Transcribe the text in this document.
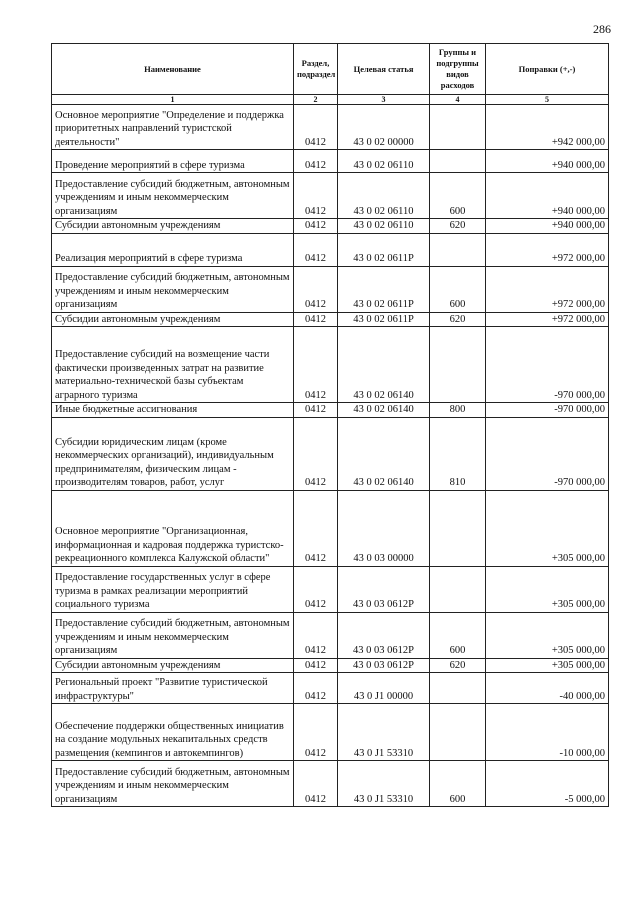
286
Наименование	Раздел, подраздел	Целевая статья	Группы и подгруппы видов расходов	Поправки (+,-)
1	2	3	4	5
Основное мероприятие "Определение и поддержка приоритетных направлений туристской деятельности"	0412	43 0 02 00000		+942 000,00
Проведение мероприятий в сфере туризма	0412	43 0 02 06110		+940 000,00
Предоставление субсидий бюджетным, автономным учреждениям и иным некоммерческим организациям	0412	43 0 02 06110	600	+940 000,00
Субсидии автономным учреждениям	0412	43 0 02 06110	620	+940 000,00
Реализация мероприятий в сфере туризма	0412	43 0 02 0611Р		+972 000,00
Предоставление субсидий бюджетным, автономным учреждениям и иным некоммерческим организациям	0412	43 0 02 0611Р	600	+972 000,00
Субсидии автономным учреждениям	0412	43 0 02 0611Р	620	+972 000,00
Предоставление субсидий на возмещение части фактически произведенных затрат на развитие материально-технической базы субъектам аграрного туризма	0412	43 0 02 06140		-970 000,00
Иные бюджетные ассигнования	0412	43 0 02 06140	800	-970 000,00
Субсидии юридическим лицам (кроме некоммерческих организаций), индивидуальным предпринимателям, физическим лицам - производителям товаров, работ, услуг	0412	43 0 02 06140	810	-970 000,00
Основное мероприятие "Организационная, информационная и кадровая поддержка туристско-рекреационного комплекса Калужской области"	0412	43 0 03 00000		+305 000,00
Предоставление государственных услуг в сфере туризма в рамках реализации мероприятий социального туризма	0412	43 0 03 0612Р		+305 000,00
Предоставление субсидий бюджетным, автономным учреждениям и иным некоммерческим организациям	0412	43 0 03 0612Р	600	+305 000,00
Субсидии автономным учреждениям	0412	43 0 03 0612Р	620	+305 000,00
Региональный проект "Развитие туристической инфраструктуры"	0412	43 0 J1 00000		-40 000,00
Обеспечение поддержки общественных инициатив на создание модульных некапитальных средств размещения (кемпингов и автокемпингов)	0412	43 0 J1 53310		-10 000,00
Предоставление субсидий бюджетным, автономным учреждениям и иным некоммерческим организациям	0412	43 0 J1 53310	600	-5 000,00
